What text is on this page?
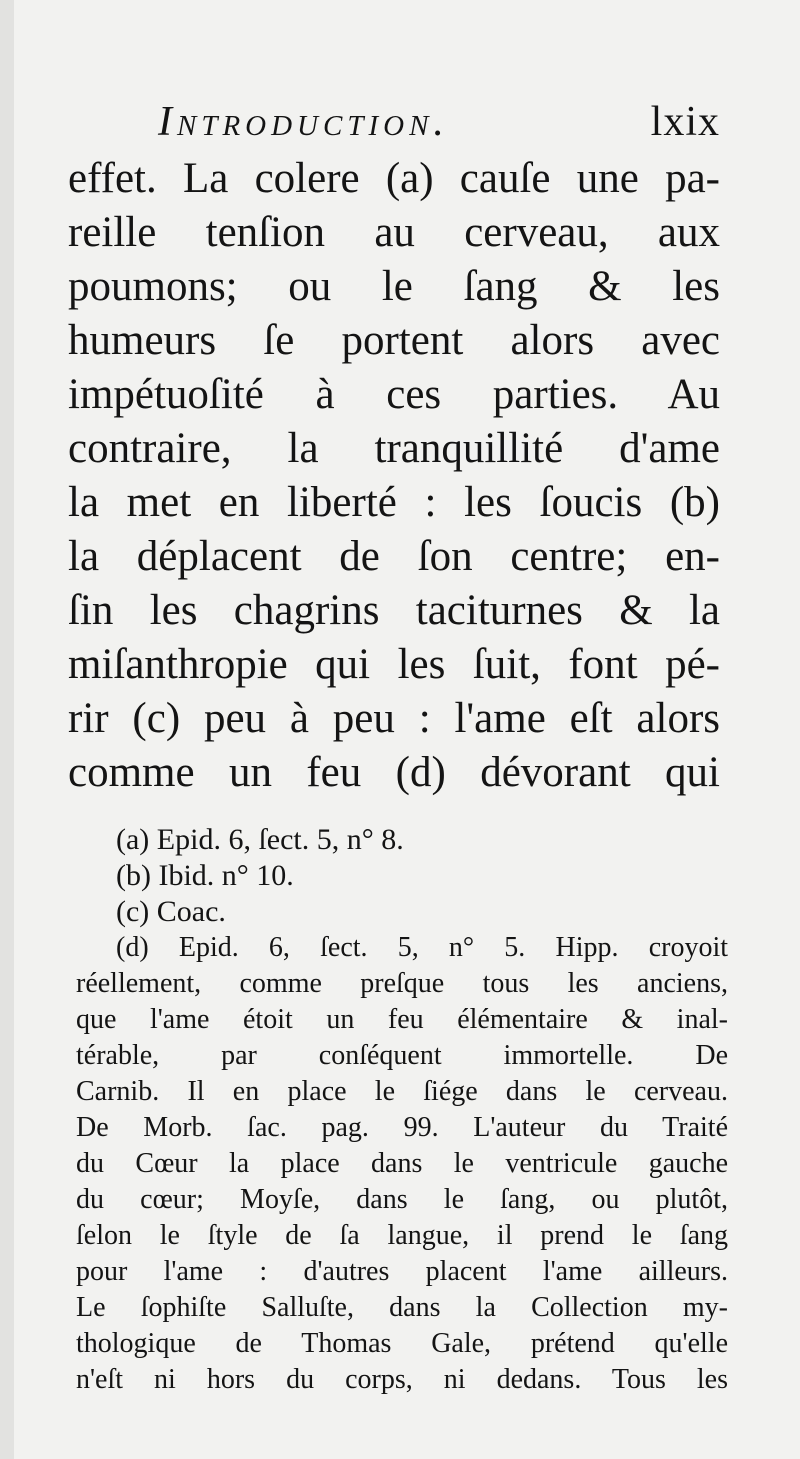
Introduction.	lxix
effet. La colere (a) cauſe une pa-
reille tenſion au cerveau, aux
poumons; ou le ſang & les
humeurs ſe portent alors avec
impétuoſité à ces parties. Au
contraire, la tranquillité d'ame
la met en liberté : les ſoucis (b)
la déplacent de ſon centre; en-
ſin les chagrins taciturnes & la
miſanthropie qui les ſuit, font pé-
rir (c) peu à peu : l'ame eſt alors
comme un feu (d) dévorant qui
(a) Epid. 6, ſect. 5, n° 8.
(b) Ibid. n° 10.
(c) Coac.
(d) Epid. 6, ſect. 5, n° 5. Hipp. croyoit
réellement, comme preſque tous les anciens,
que l'ame étoit un feu élémentaire & inal-
térable, par conſéquent immortelle. De
Carnib. Il en place le ſiége dans le cerveau.
De Morb. ſac. pag. 99. L'auteur du Traité
du Cœur la place dans le ventricule gauche
du cœur; Moyſe, dans le ſang, ou plutôt,
ſelon le ſtyle de ſa langue, il prend le ſang
pour l'ame : d'autres placent l'ame ailleurs.
Le ſophiſte Salluſte, dans la Collection my-
thologique de Thomas Gale, prétend qu'elle
n'eſt ni hors du corps, ni dedans. Tous les
